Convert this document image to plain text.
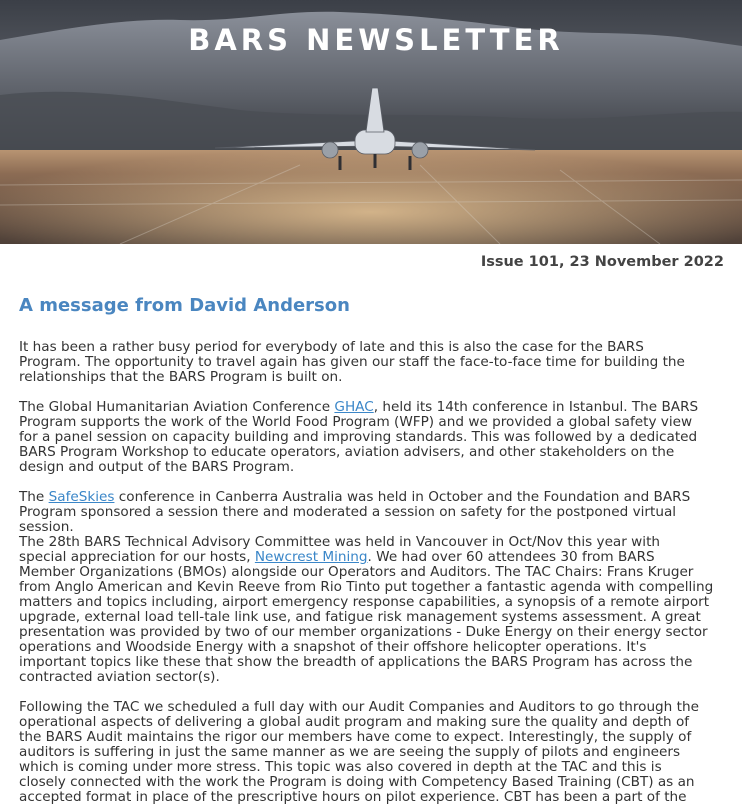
BARS NEWSLETTER
Issue 101, 23 November 2022
A message from David Anderson

It has been a rather busy period for everybody of late and this is also the case for the BARS
Program. The opportunity to travel again has given our staff the face-to-face time for building the
relationships that the BARS Program is built on.

The Global Humanitarian Aviation Conference GHAC, held its 14th conference in Istanbul. The BARS
Program supports the work of the World Food Program (WFP) and we provided a global safety view
for a panel session on capacity building and improving standards. This was followed by a dedicated
BARS Program Workshop to educate operators, aviation advisers, and other stakeholders on the
design and output of the BARS Program.

The SafeSkies conference in Canberra Australia was held in October and the Foundation and BARS
Program sponsored a session there and moderated a session on safety for the postponed virtual
session.
The 28th BARS Technical Advisory Committee was held in Vancouver in Oct/Nov this year with
special appreciation for our hosts, Newcrest Mining. We had over 60 attendees 30 from BARS
Member Organizations (BMOs) alongside our Operators and Auditors. The TAC Chairs: Frans Kruger
from Anglo American and Kevin Reeve from Rio Tinto put together a fantastic agenda with compelling
matters and topics including, airport emergency response capabilities, a synopsis of a remote airport
upgrade, external load tell-tale link use, and fatigue risk management systems assessment. A great
presentation was provided by two of our member organizations - Duke Energy on their energy sector
operations and Woodside Energy with a snapshot of their offshore helicopter operations. It's
important topics like these that show the breadth of applications the BARS Program has across the
contracted aviation sector(s).

Following the TAC we scheduled a full day with our Audit Companies and Auditors to go through the
operational aspects of delivering a global audit program and making sure the quality and depth of
the BARS Audit maintains the rigor our members have come to expect. Interestingly, the supply of
auditors is suffering in just the same manner as we are seeing the supply of pilots and engineers
which is coming under more stress. This topic was also covered in depth at the TAC and this is
closely connected with the work the Program is doing with Competency Based Training (CBT) as an
accepted format in place of the prescriptive hours on pilot experience. CBT has been a part of the
